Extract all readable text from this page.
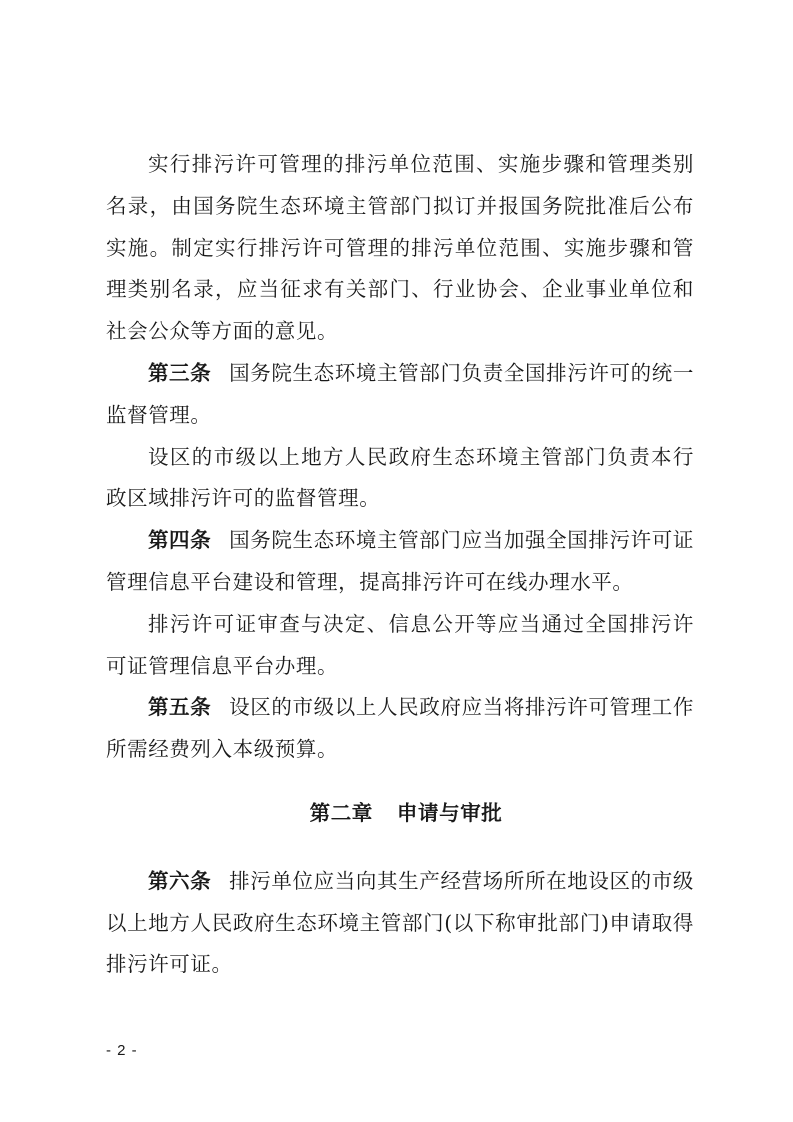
实行排污许可管理的排污单位范围、实施步骤和管理类别名录，由国务院生态环境主管部门拟订并报国务院批准后公布实施。制定实行排污许可管理的排污单位范围、实施步骤和管理类别名录，应当征求有关部门、行业协会、企业事业单位和社会公众等方面的意见。

第三条 国务院生态环境主管部门负责全国排污许可的统一监督管理。

设区的市级以上地方人民政府生态环境主管部门负责本行政区域排污许可的监督管理。

第四条 国务院生态环境主管部门应当加强全国排污许可证管理信息平台建设和管理，提高排污许可在线办理水平。

排污许可证审查与决定、信息公开等应当通过全国排污许可证管理信息平台办理。

第五条 设区的市级以上人民政府应当将排污许可管理工作所需经费列入本级预算。

第二章 申请与审批

第六条 排污单位应当向其生产经营场所所在地设区的市级以上地方人民政府生态环境主管部门(以下称审批部门)申请取得排污许可证。

- 2 -
